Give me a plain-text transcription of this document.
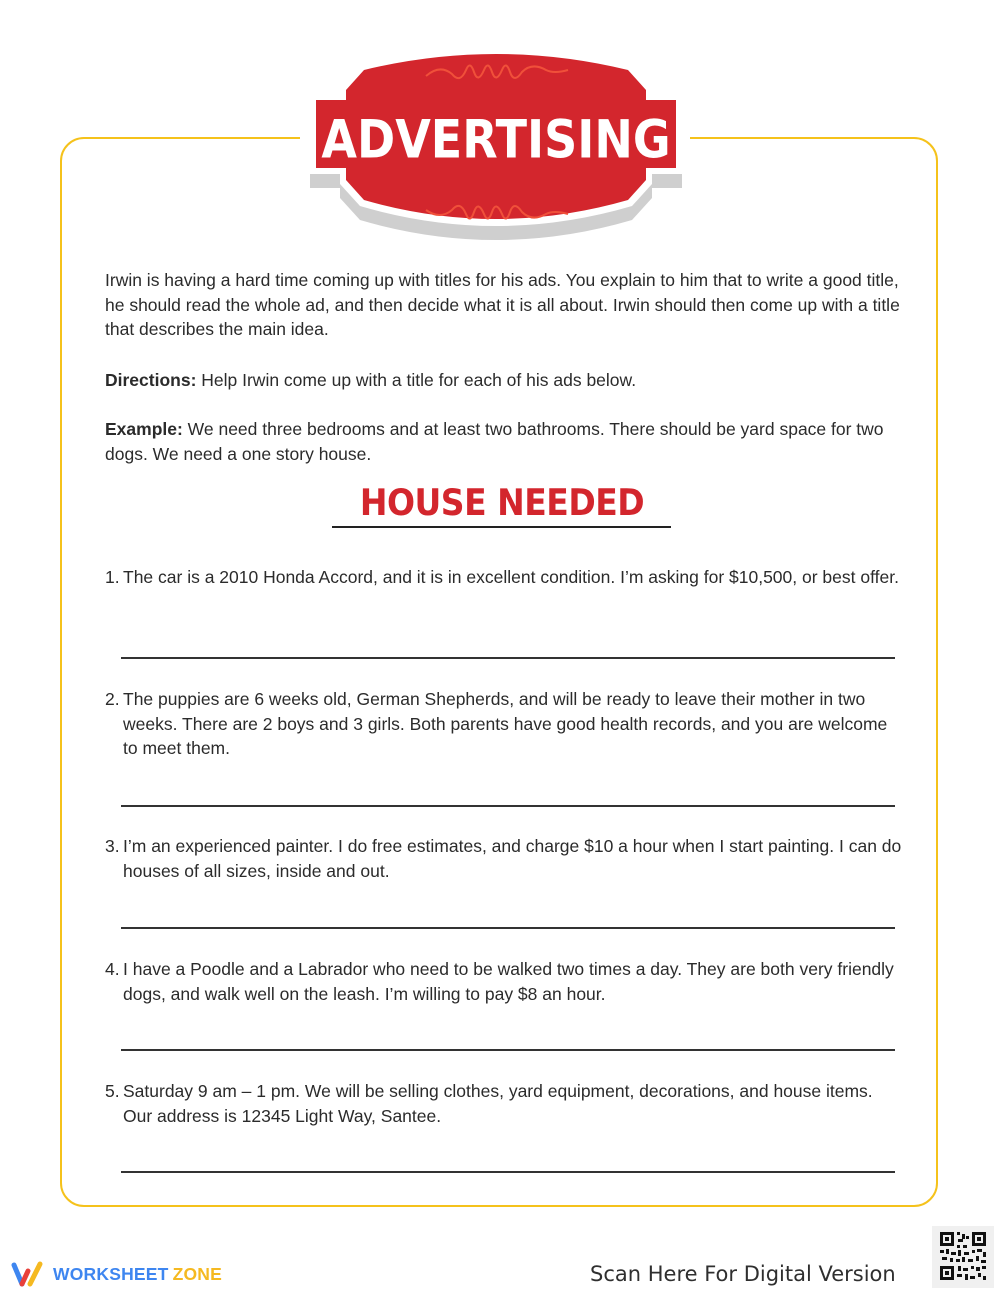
ADVERTISING

Irwin is having a hard time coming up with titles for his ads. You explain to him that to write a good title, he should read the whole ad, and then decide what it is all about. Irwin should then come up with a title that describes the main idea.

Directions: Help Irwin come up with a title for each of his ads below.
Example: We need three bedrooms and at least two bathrooms. There should be yard space for two dogs. We need a one story house.
HOUSE NEEDED
1. The car is a 2010 Honda Accord, and it is in excellent condition. I’m asking for $10,500, or best offer.
2. The puppies are 6 weeks old, German Shepherds, and will be ready to leave their mother in two weeks. There are 2 boys and 3 girls. Both parents have good health records, and you are welcome to meet them.
3. I’m an experienced painter. I do free estimates, and charge $10 a hour when I start painting. I can do houses of all sizes, inside and out.
4. I have a Poodle and a Labrador who need to be walked two times a day. They are both very friendly dogs, and walk well on the leash. I’m willing to pay $8 an hour.
5. Saturday 9 am – 1 pm. We will be selling clothes, yard equipment, decorations, and house items. Our address is 12345 Light Way, Santee.
WORKSHEET ZONE	Scan Here For Digital Version
